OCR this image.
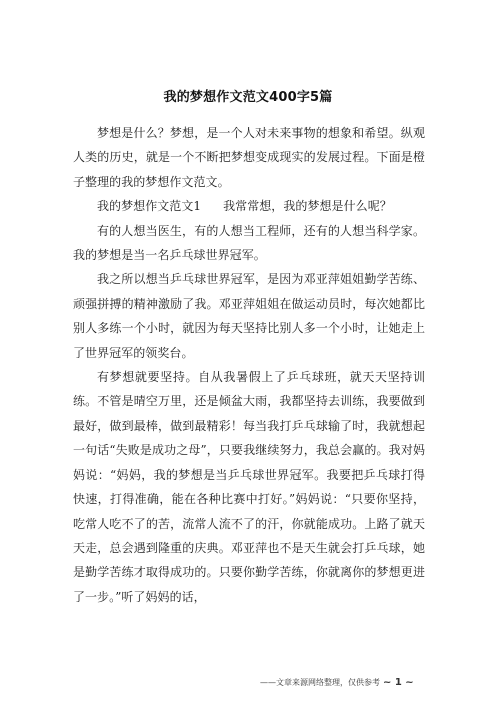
我的梦想作文范文400字5篇

梦想是什么？梦想，是一个人对未来事物的想象和希望。纵观人类的历史，就是一个不断把梦想变成现实的发展过程。下面是橙子整理的我的梦想作文范文。

我的梦想作文范文1 我常常想，我的梦想是什么呢？

有的人想当医生，有的人想当工程师，还有的人想当科学家。我的梦想是当一名乒乓球世界冠军。

我之所以想当乒乓球世界冠军，是因为邓亚萍姐姐勤学苦练、顽强拼搏的精神激励了我。邓亚萍姐姐在做运动员时，每次她都比别人多练一个小时，就因为每天坚持比别人多一个小时，让她走上了世界冠军的领奖台。

有梦想就要坚持。自从我暑假上了乒乓球班，就天天坚持训练。不管是晴空万里，还是倾盆大雨，我都坚持去训练，我要做到最好，做到最棒，做到最精彩！每当我打乒乓球输了时，我就想起一句话“失败是成功之母”，只要我继续努力，我总会赢的。我对妈妈说：“妈妈，我的梦想是当乒乓球世界冠军。我要把乒乓球打得快速，打得准确，能在各种比赛中打好。”妈妈说：“只要你坚持，吃常人吃不了的苦，流常人流不了的汗，你就能成功。上路了就天天走，总会遇到隆重的庆典。邓亚萍也不是天生就会打乒乓球，她是勤学苦练才取得成功的。只要你勤学苦练，你就离你的梦想更进了一步。”听了妈妈的话，

——文章来源网络整理，仅供参考 ~ 1 ~
